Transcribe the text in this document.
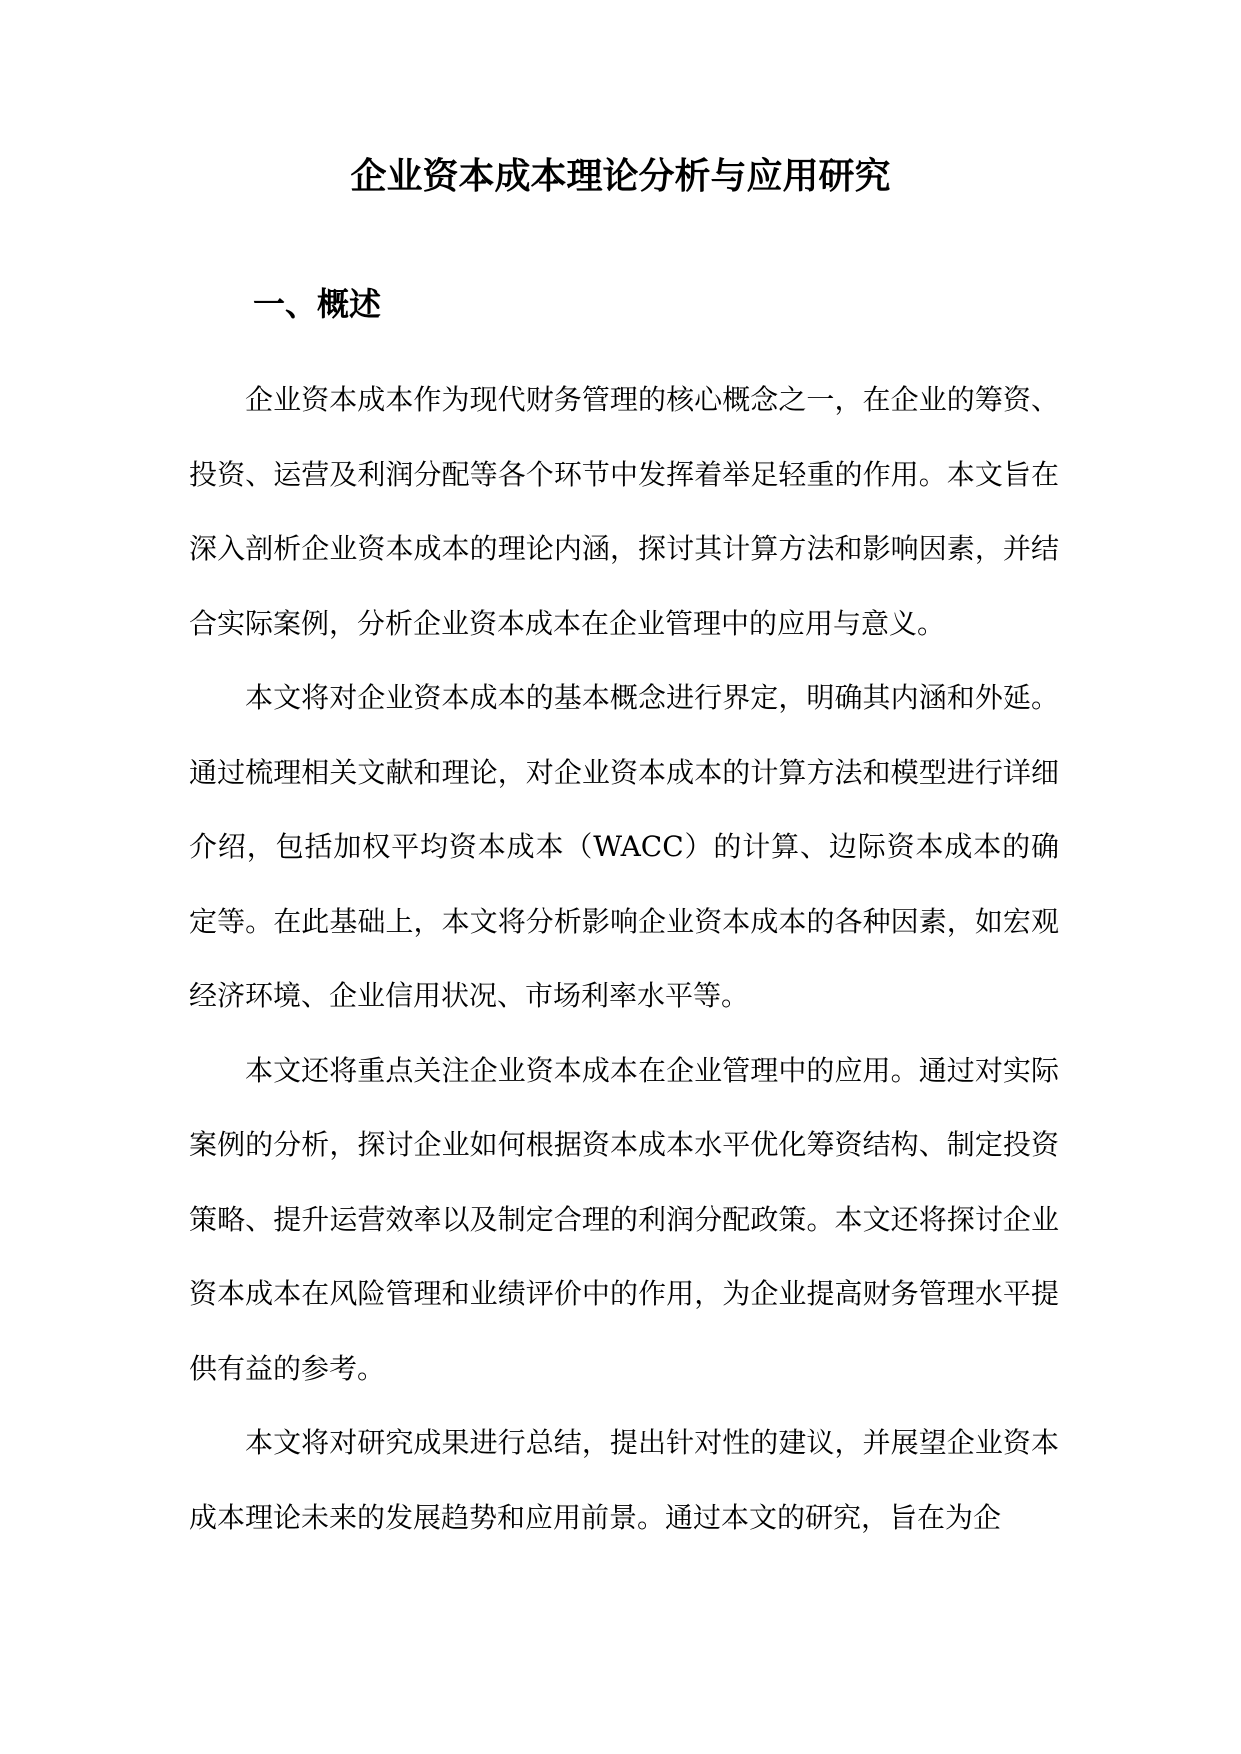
企业资本成本理论分析与应用研究
一、概述

企业资本成本作为现代财务管理的核心概念之一，在企业的筹资、投资、运营及利润分配等各个环节中发挥着举足轻重的作用。本文旨在深入剖析企业资本成本的理论内涵，探讨其计算方法和影响因素，并结合实际案例，分析企业资本成本在企业管理中的应用与意义。

本文将对企业资本成本的基本概念进行界定，明确其内涵和外延。通过梳理相关文献和理论，对企业资本成本的计算方法和模型进行详细介绍，包括加权平均资本成本（WACC）的计算、边际资本成本的确定等。在此基础上，本文将分析影响企业资本成本的各种因素，如宏观经济环境、企业信用状况、市场利率水平等。

本文还将重点关注企业资本成本在企业管理中的应用。通过对实际案例的分析，探讨企业如何根据资本成本水平优化筹资结构、制定投资策略、提升运营效率以及制定合理的利润分配政策。本文还将探讨企业资本成本在风险管理和业绩评价中的作用，为企业提高财务管理水平提供有益的参考。

本文将对研究成果进行总结，提出针对性的建议，并展望企业资本成本理论未来的发展趋势和应用前景。通过本文的研究，旨在为企
